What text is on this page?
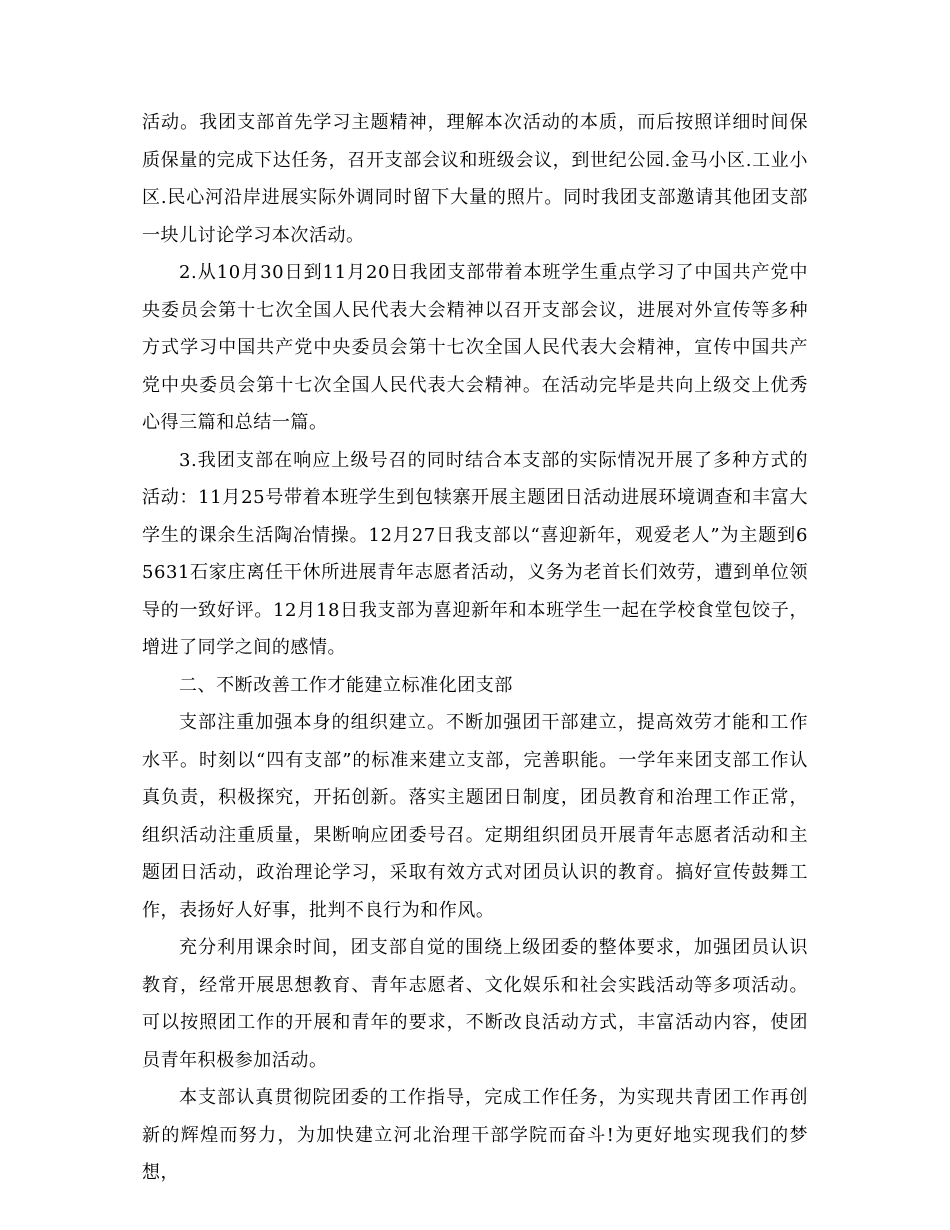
活动。我团支部首先学习主题精神，理解本次活动的本质，而后按照详细时间保质保量的完成下达任务，召开支部会议和班级会议，到世纪公园.金马小区.工业小区.民心河沿岸进展实际外调同时留下大量的照片。同时我团支部邀请其他团支部一块儿讨论学习本次活动。

2.从10月30日到11月20日我团支部带着本班学生重点学习了中国共产党中央委员会第十七次全国人民代表大会精神以召开支部会议，进展对外宣传等多种方式学习中国共产党中央委员会第十七次全国人民代表大会精神，宣传中国共产党中央委员会第十七次全国人民代表大会精神。在活动完毕是共向上级交上优秀心得三篇和总结一篇。

3.我团支部在响应上级号召的同时结合本支部的实际情况开展了多种方式的活动：11月25号带着本班学生到包犊寨开展主题团日活动进展环境调查和丰富大学生的课余生活陶冶情操。12月27日我支部以“喜迎新年，观爱老人”为主题到65631石家庄离任干休所进展青年志愿者活动，义务为老首长们效劳，遭到单位领导的一致好评。12月18日我支部为喜迎新年和本班学生一起在学校食堂包饺子，增进了同学之间的感情。

二、不断改善工作才能建立标准化团支部

支部注重加强本身的组织建立。不断加强团干部建立，提高效劳才能和工作水平。时刻以“四有支部”的标准来建立支部，完善职能。一学年来团支部工作认真负责，积极探究，开拓创新。落实主题团日制度，团员教育和治理工作正常，组织活动注重质量，果断响应团委号召。定期组织团员开展青年志愿者活动和主题团日活动，政治理论学习，采取有效方式对团员认识的教育。搞好宣传鼓舞工作，表扬好人好事，批判不良行为和作风。

充分利用课余时间，团支部自觉的围绕上级团委的整体要求，加强团员认识教育，经常开展思想教育、青年志愿者、文化娱乐和社会实践活动等多项活动。可以按照团工作的开展和青年的要求，不断改良活动方式，丰富活动内容，使团员青年积极参加活动。

本支部认真贯彻院团委的工作指导，完成工作任务，为实现共青团工作再创新的辉煌而努力，为加快建立河北治理干部学院而奋斗!为更好地实现我们的梦想，
